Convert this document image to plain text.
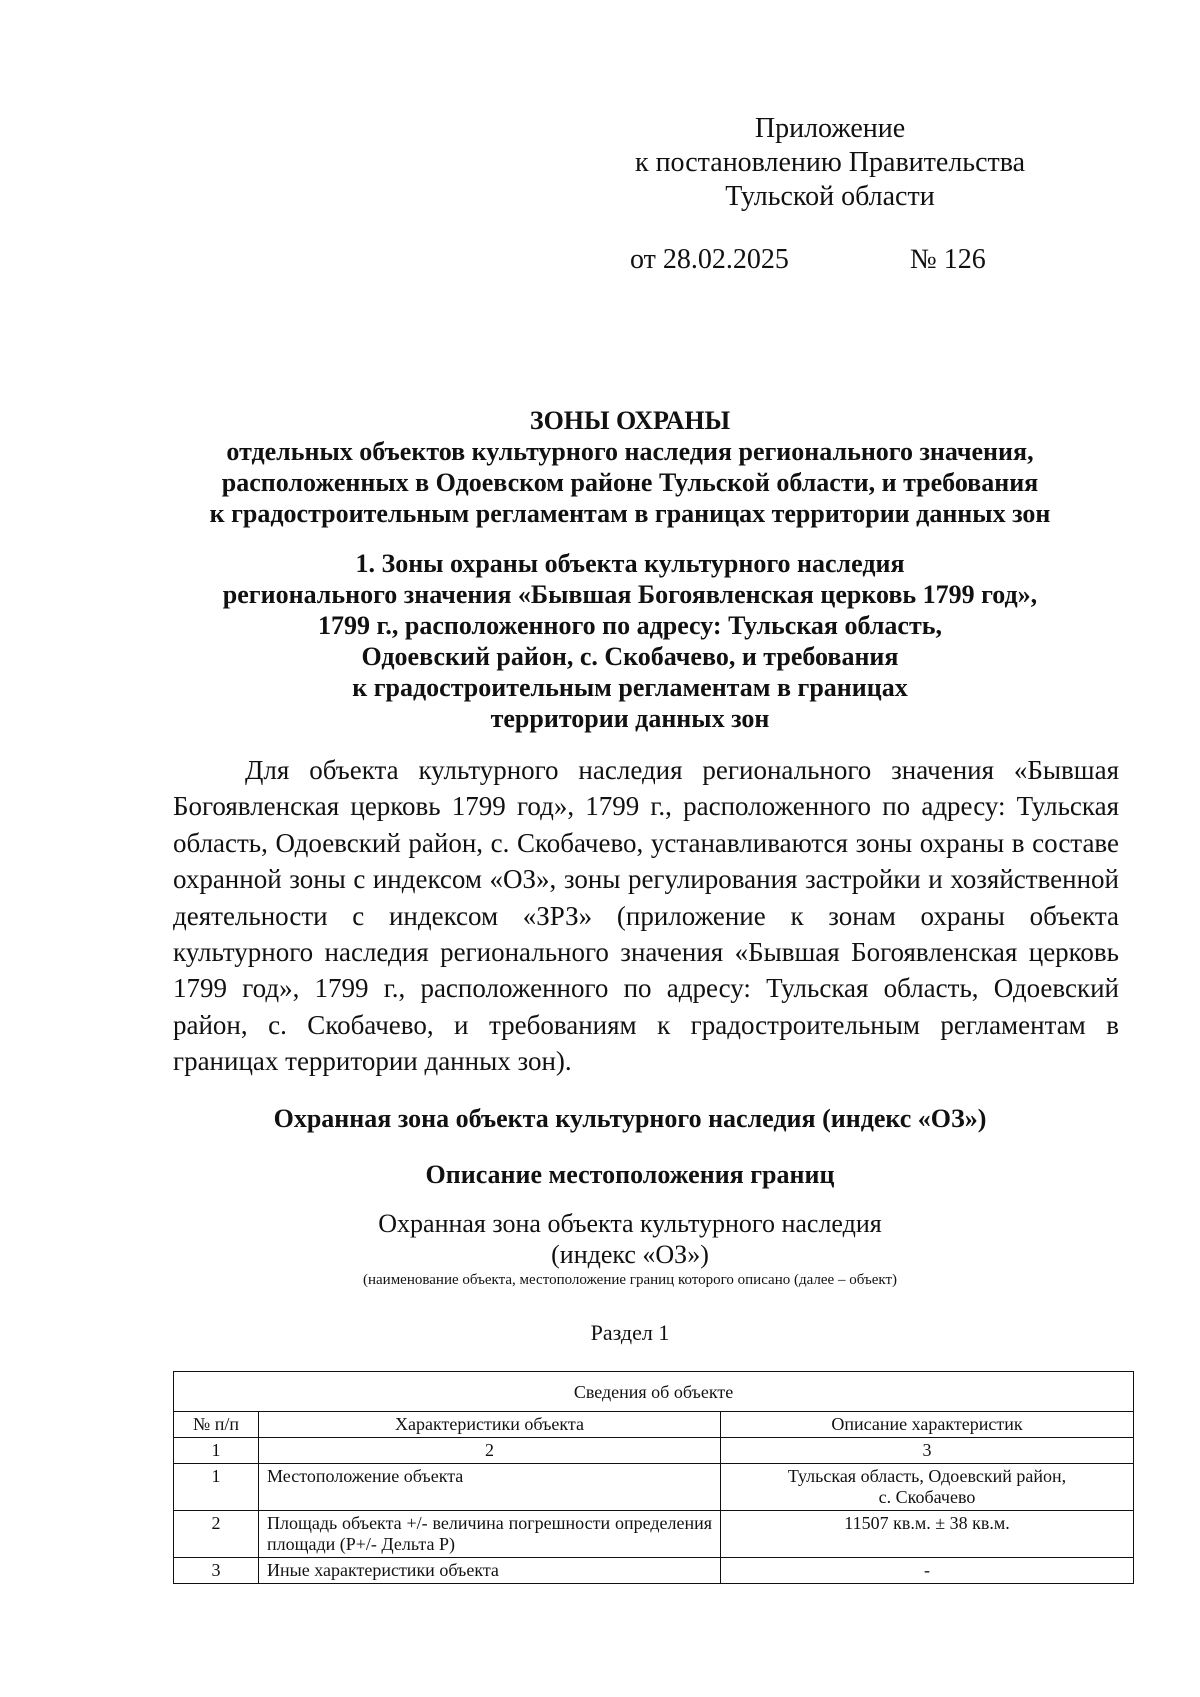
Приложение
к постановлению Правительства
Тульской области
от 28.02.2025	№ 126
ЗОНЫ ОХРАНЫ
отдельных объектов культурного наследия регионального значения,
расположенных в Одоевском районе Тульской области, и требования
к градостроительным регламентам в границах территории данных зон
1. Зоны охраны объекта культурного наследия
регионального значения «Бывшая Богоявленская церковь 1799 год»,
1799 г., расположенного по адресу: Тульская область,
Одоевский район, с. Скобачево, и требования
к градостроительным регламентам в границах
территории данных зон
Для объекта культурного наследия регионального значения «Бывшая Богоявленская церковь 1799 год», 1799 г., расположенного по адресу: Тульская область, Одоевский район, с. Скобачево, устанавливаются зоны охраны в составе охранной зоны с индексом «ОЗ», зоны регулирования застройки и хозяйственной деятельности с индексом «ЗРЗ» (приложение к зонам охраны объекта культурного наследия регионального значения «Бывшая Богоявленская церковь 1799 год», 1799 г., расположенного по адресу: Тульская область, Одоевский район, с. Скобачево, и требованиям к градостроительным регламентам в границах территории данных зон).
Охранная зона объекта культурного наследия (индекс «ОЗ»)
Описание местоположения границ
Охранная зона объекта культурного наследия
(индекс «ОЗ»)
(наименование объекта, местоположение границ которого описано (далее – объект)
Раздел 1
Сведения об объекте		
№ п/п	Характеристики объекта	Описание характеристик
1	2	3
1	Местоположение объекта	Тульская область, Одоевский район,
с. Скобачево

2	Площадь объекта +/- величина погрешности определения площади (Р+/- Дельта Р)	11507 кв.м. ± 38 кв.м.

3	Иные характеристики объекта	-
